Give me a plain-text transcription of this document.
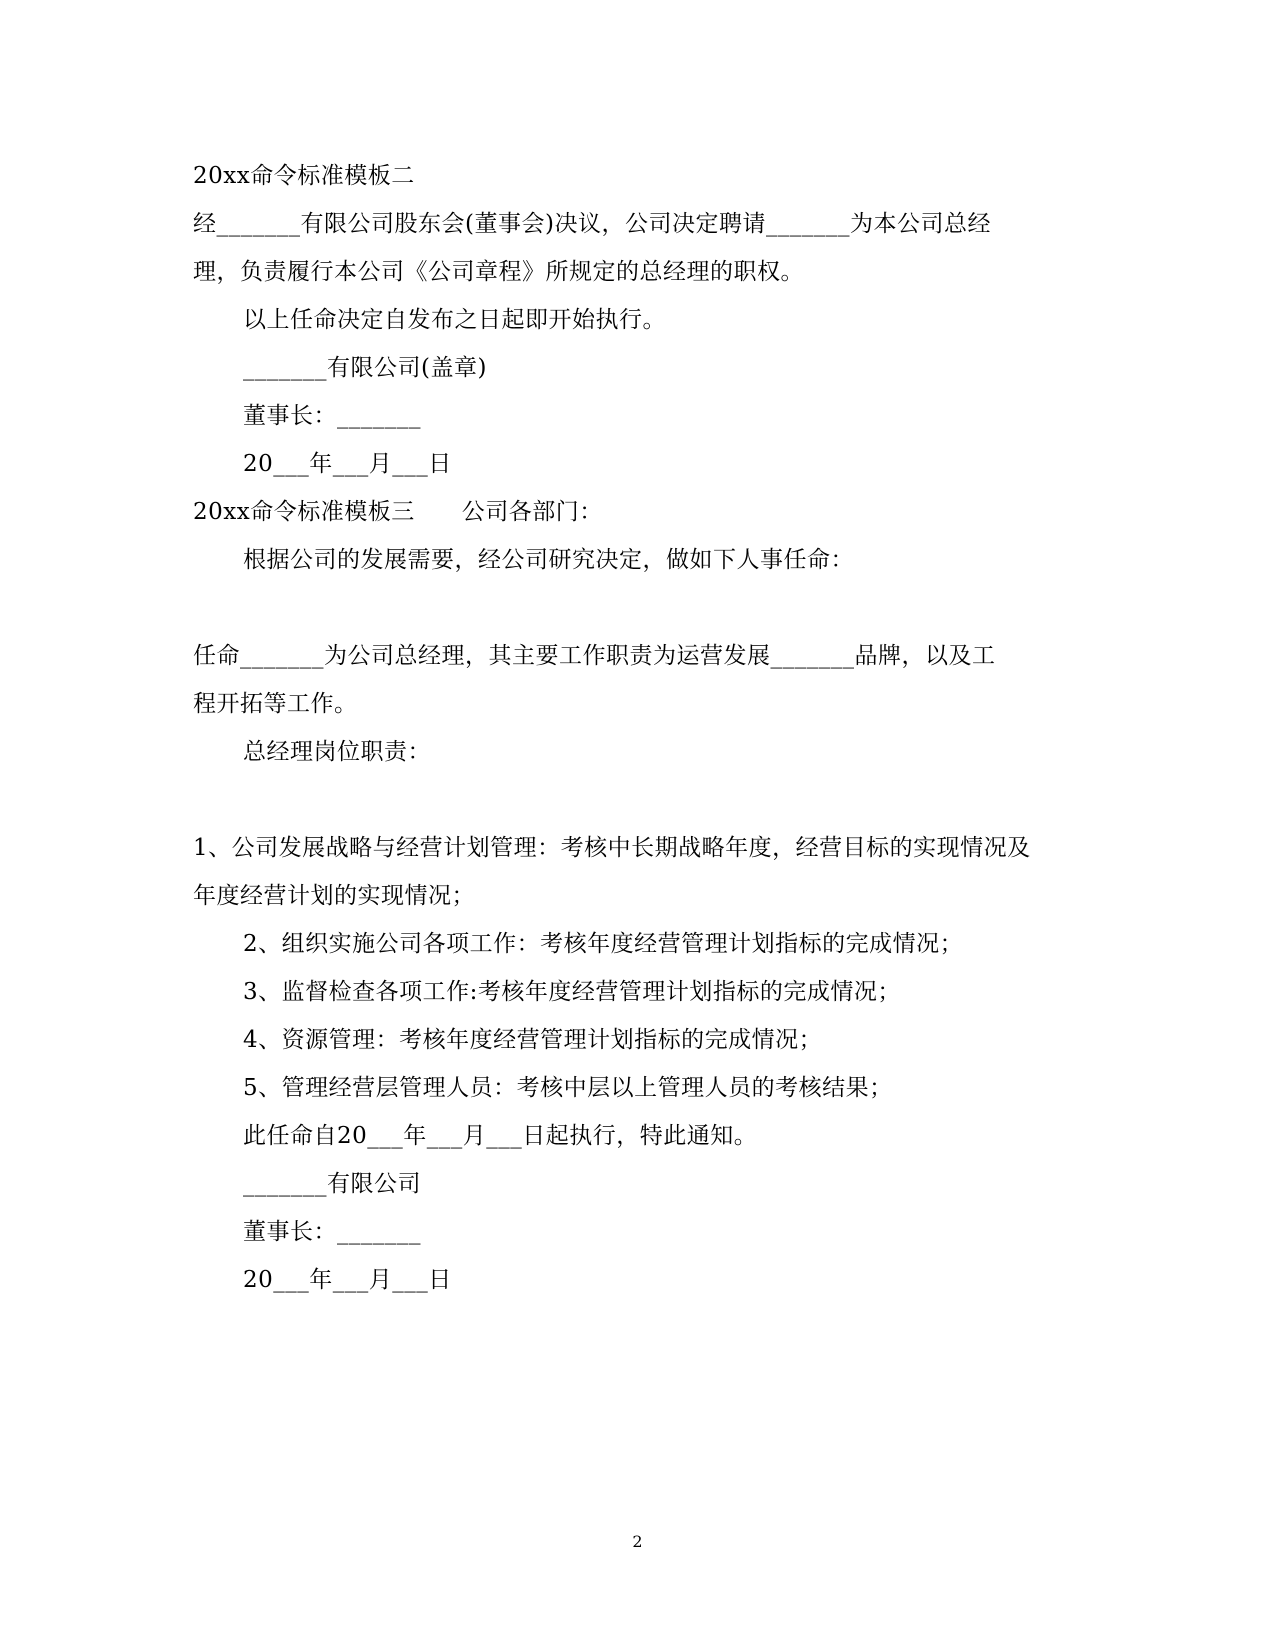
20xx命令标准模板二
经_______有限公司股东会(董事会)决议，公司决定聘请_______为本公司总经
理，负责履行本公司《公司章程》所规定的总经理的职权。
以上任命决定自发布之日起即开始执行。
_______有限公司(盖章)
董事长：_______
20___年___月___日
20xx命令标准模板三　　公司各部门：
根据公司的发展需要，经公司研究决定，做如下人事任命：
任命_______为公司总经理，其主要工作职责为运营发展_______品牌，以及工
程开拓等工作。
总经理岗位职责：
1、公司发展战略与经营计划管理：考核中长期战略年度，经营目标的实现情况及
年度经营计划的实现情况；
2、组织实施公司各项工作：考核年度经营管理计划指标的完成情况；
3、监督检查各项工作:考核年度经营管理计划指标的完成情况；
4、资源管理：考核年度经营管理计划指标的完成情况；
5、管理经营层管理人员：考核中层以上管理人员的考核结果；
此任命自20___年___月___日起执行，特此通知。
_______有限公司
董事长：_______
20___年___月___日
2
